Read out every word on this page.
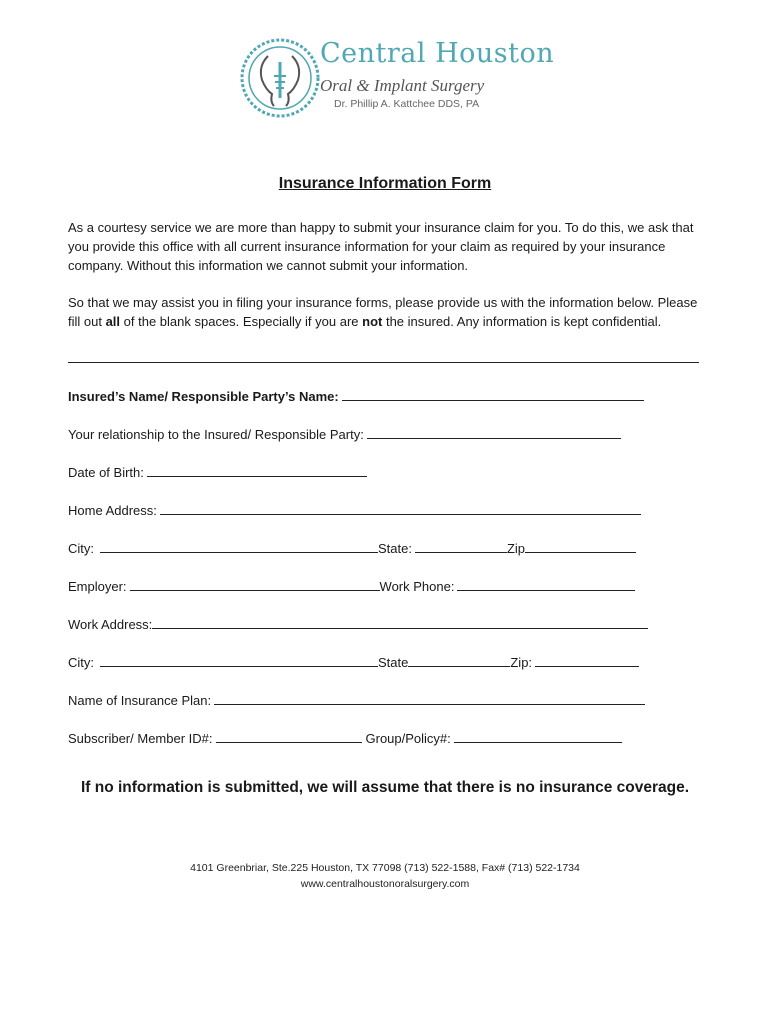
Central Houston
Oral & Implant Surgery
Dr. Phillip A. Kattchee DDS, PA
Insurance Information Form

As a courtesy service we are more than happy to submit your insurance claim for you. To do this, we ask that you provide this office with all current insurance information for your claim as required by your insurance company. Without this information we cannot submit your information.

So that we may assist you in filing your insurance forms, please provide us with the information below. Please fill out all of the blank spaces. Especially if you are not the insured. Any information is kept confidential.

Insured’s Name/ Responsible Party’s Name:
Your relationship to the Insured/ Responsible Party:
Date of Birth:
Home Address:
City:	State:	Zip
Employer:	Work Phone:
Work Address:
City:	State	Zip:
Name of Insurance Plan:
Subscriber/ Member ID#:	Group/Policy#:
If no information is submitted, we will assume that there is no insurance coverage.
4101 Greenbriar, Ste.225 Houston, TX 77098 (713) 522-1588, Fax# (713) 522-1734
www.centralhoustonoralsurgery.com
